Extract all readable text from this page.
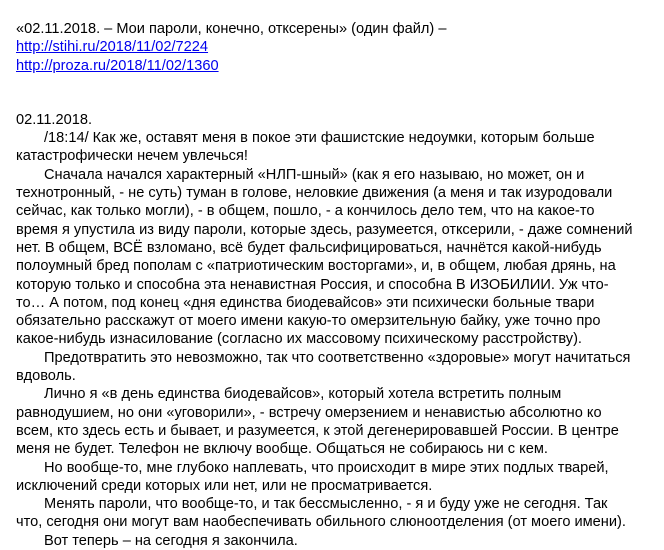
«02.11.2018. – Мои пароли, конечно, откcерены» (один файл) –
http://stihi.ru/2018/11/02/7224
http://proza.ru/2018/11/02/1360
02.11.2018.
/18:14/ Как же, оставят меня в покое эти фашистские недоумки, которым больше
катастрофически нечем увлечься!
Сначала начался характерный «НЛП-шный» (как я его называю, но может, он и
технотронный, - не суть) туман в голове, неловкие движения (а меня и так изуродовали
сейчас, как только могли), - в общем, пошло, - а кончилось дело тем, что на какое-то
время я упустила из виду пароли, которые здесь, разумеется, откcерили, - даже сомнений
нет. В общем, ВСЁ взломано, всё будет фальсифицироваться, начнётся какой-нибудь
полоумный бред пополам с «патриотическим восторгами», и, в общем, любая дрянь, на
которую только и способна эта ненавистная Россия, и способна В ИЗОБИЛИИ. Уж что-
то… А потом, под конец «дня единства биодевайсов» эти психически больные твари
обязательно расскажут от моего имени какую-то омерзительную байку, уже точно про
какое-нибудь изнасилование (согласно их массовому психическому расстройству).
Предотвратить это невозможно, так что соответственно «здоровые» могут начитаться
вдоволь.
Лично я «в день единства биодевайсов», который хотела встретить полным
равнодушием, но они «уговорили», - встречу омерзением и ненавистью абсолютно ко
всем, кто здесь есть и бывает, и разумеется, к этой дегенерировавшей России. В центре
меня не будет. Телефон не включу вообще. Общаться не собираюсь ни с кем.
Но вообще-то, мне глубоко наплевать, что происходит в мире этих подлых тварей,
исключений среди которых или нет, или не просматривается.
Менять пароли, что вообще-то, и так бессмысленно, - я и буду уже не сегодня. Так
что, сегодня они могут вам наобеспечивать обильного слюноотделения (от моего имени).
Вот теперь – на сегодня я закончила.
